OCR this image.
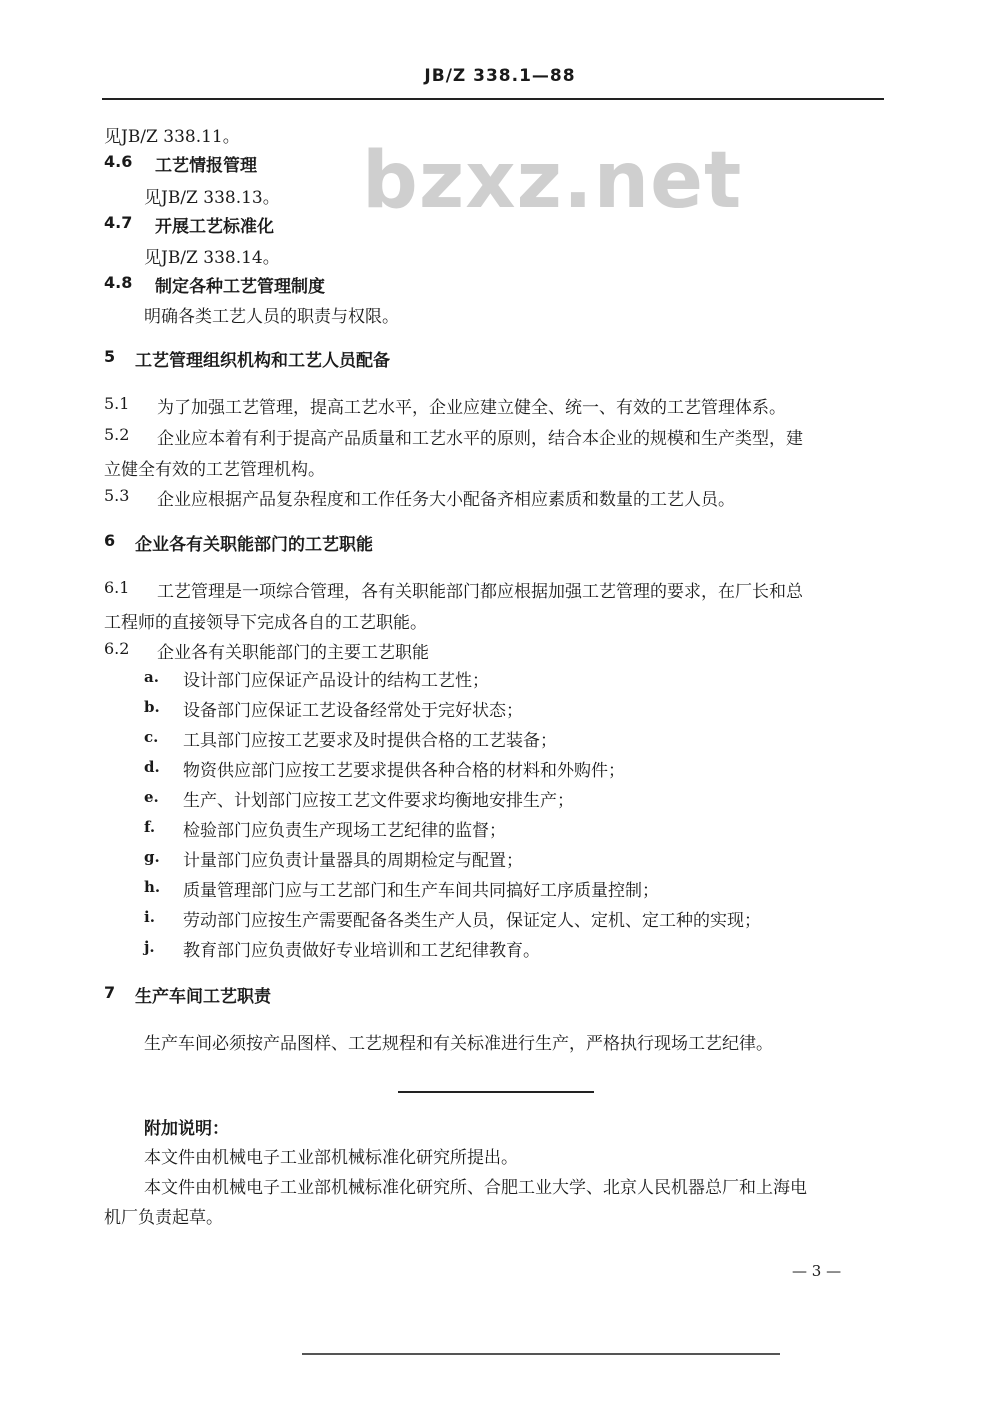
JB/Z 338.1—88
bzxz.net
见JB/Z 338.11。
4.6 工艺情报管理
见JB/Z 338.13。
4.7 开展工艺标准化
见JB/Z 338.14。
4.8 制定各种工艺管理制度
明确各类工艺人员的职责与权限。
5 工艺管理组织机构和工艺人员配备
5.1 为了加强工艺管理，提高工艺水平，企业应建立健全、统一、有效的工艺管理体系。
5.2 企业应本着有利于提高产品质量和工艺水平的原则，结合本企业的规模和生产类型，建
立健全有效的工艺管理机构。
5.3 企业应根据产品复杂程度和工作任务大小配备齐相应素质和数量的工艺人员。
6 企业各有关职能部门的工艺职能
6.1 工艺管理是一项综合管理，各有关职能部门都应根据加强工艺管理的要求，在厂长和总
工程师的直接领导下完成各自的工艺职能。
6.2 企业各有关职能部门的主要工艺职能
a. 设计部门应保证产品设计的结构工艺性；
b. 设备部门应保证工艺设备经常处于完好状态；
c. 工具部门应按工艺要求及时提供合格的工艺装备；
d. 物资供应部门应按工艺要求提供各种合格的材料和外购件；
e. 生产、计划部门应按工艺文件要求均衡地安排生产；
f. 检验部门应负责生产现场工艺纪律的监督；
g. 计量部门应负责计量器具的周期检定与配置；
h. 质量管理部门应与工艺部门和生产车间共同搞好工序质量控制；
i. 劳动部门应按生产需要配备各类生产人员，保证定人、定机、定工种的实现；
j. 教育部门应负责做好专业培训和工艺纪律教育。
7 生产车间工艺职责
生产车间必须按产品图样、工艺规程和有关标准进行生产，严格执行现场工艺纪律。
附加说明：
本文件由机械电子工业部机械标准化研究所提出。
本文件由机械电子工业部机械标准化研究所、合肥工业大学、北京人民机器总厂和上海电
机厂负责起草。
— 3 —
